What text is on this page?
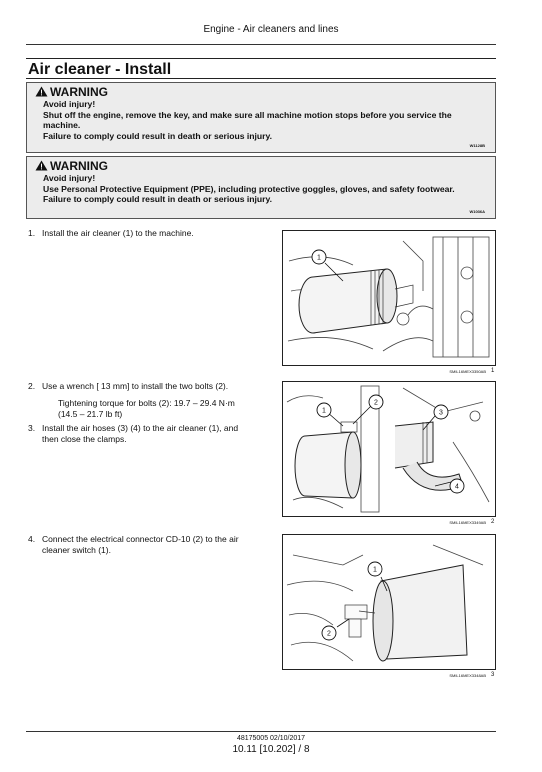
Engine - Air cleaners and lines
Air cleaner - Install
WARNING
Avoid injury!
Shut off the engine, remove the key, and make sure all machine motion stops before you service the
machine.
Failure to comply could result in death or serious injury.
W1128B
WARNING
Avoid injury!
Use Personal Protective Equipment (PPE), including protective goggles, gloves, and safety footwear.
Failure to comply could result in death or serious injury.
W1036A
1. Install the air cleaner (1) to the machine.
2. Use a wrench [ 13 mm] to install the two bolts (2).
Tightening torque for bolts (2): 19.7 – 29.4 N·m
(14.5 – 21.7 lb ft)
3. Install the air hoses (3) (4) to the air cleaner (1), and
then close the clamps.
4. Connect the electrical connector CD-10 (2) to the air
cleaner switch (1).
1
SMIL16MEX3350AB 1
1
2
3
4
SMIL16MEX3349AB 2
1
2
SMIL16MEX3348AB 3
48175005 02/10/2017
10.11 [10.202] / 8
